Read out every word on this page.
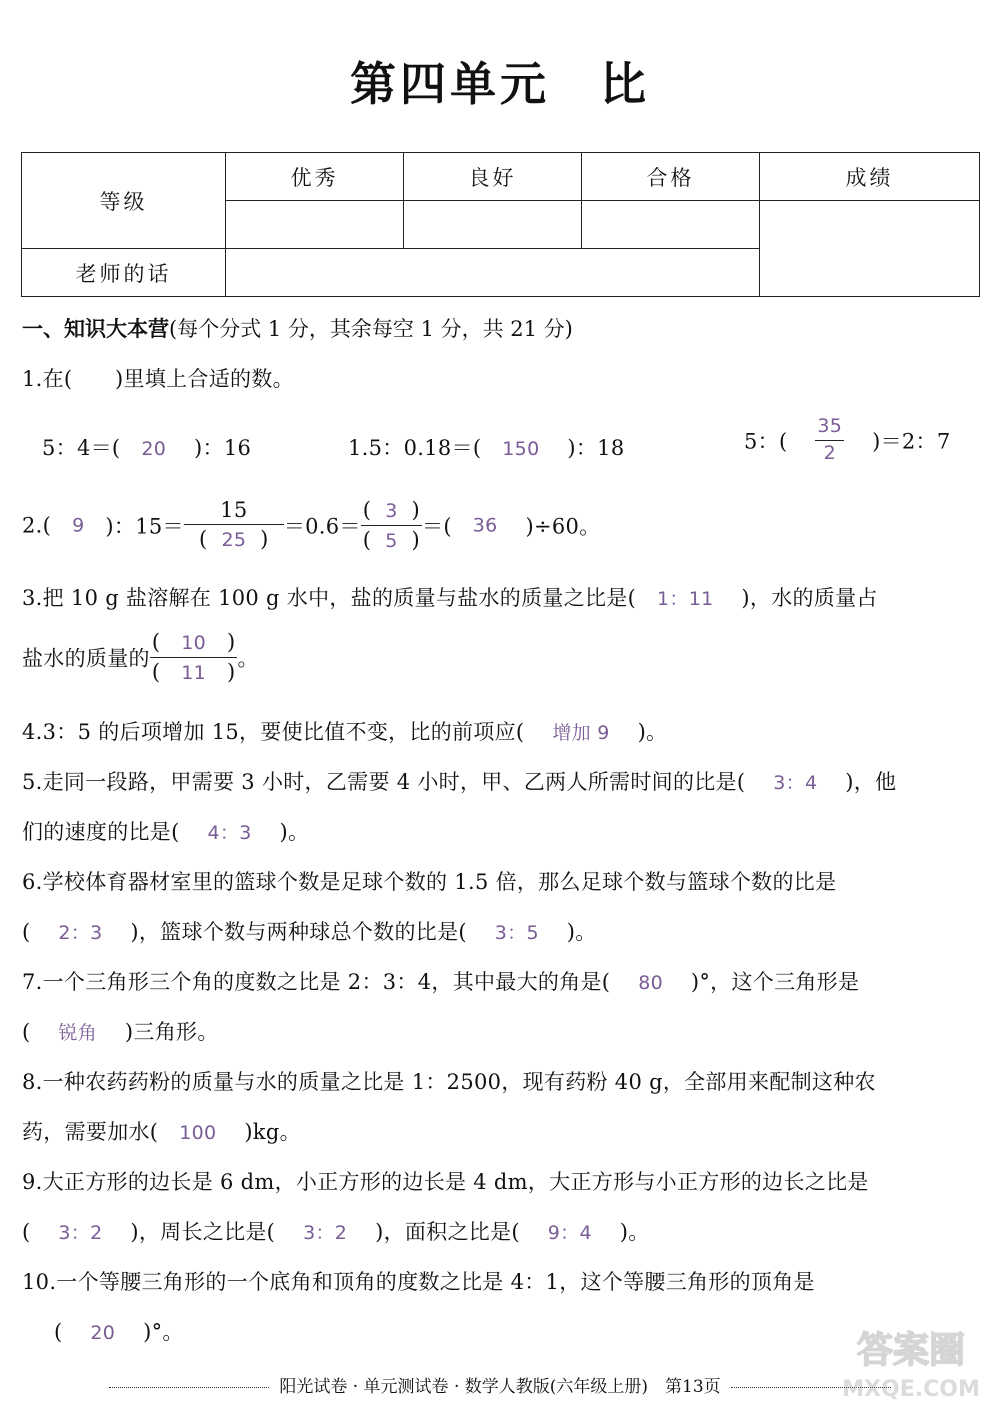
第四单元 比
等级	优秀	良好	合格	成绩

老师的话				
一、知识大本营(每个分式 1 分，其余每空 1 分，共 21 分)
1.在(　　)里填上合适的数。
5：4＝( 20 )：16	1.5：0.18＝( 150 )：18	5：( $\frac{35}{2} )=2$：7
2.( 9 )：$15= \frac{15}{( 25 )} =0.6= \frac{( 3 )}{( 5 )}$ ＝( 36 )÷60。
3.把 10 g 盐溶解在 100 g 水中，盐的质量与盐水的质量之比是( 1：11 )，水的质量占
盐水的质量的 $\frac{( 10 )}{( 11 )}$ 。
4.3：5 的后项增加 15，要使比值不变，比的前项应( 增加 9 )。
5.走同一段路，甲需要 3 小时，乙需要 4 小时，甲、乙两人所需时间的比是( 3：4 )，他
们的速度的比是( 4：3 )。
6.学校体育器材室里的篮球个数是足球个数的 1.5 倍，那么足球个数与篮球个数的比是
( 2：3 )，篮球个数与两种球总个数的比是( 3：5 )。
7.一个三角形三个角的度数之比是 2：3：4，其中最大的角是( 80 )°，这个三角形是
( 锐角 )三角形。
8.一种农药药粉的质量与水的质量之比是 1：2500，现有药粉 40 g，全部用来配制这种农
药，需要加水( 100 )kg。
9.大正方形的边长是 6 dm，小正方形的边长是 4 dm，大正方形与小正方形的边长之比是
( 3：2 )，周长之比是( 3：2 )，面积之比是( 9：4 )。
10.一个等腰三角形的一个底角和顶角的度数之比是 4：1，这个等腰三角形的顶角是
( 20 )°。
阳光试卷 · 单元测试卷 · 数学人教版(六年级上册)　第13页
答案圈
MXQE.COM
